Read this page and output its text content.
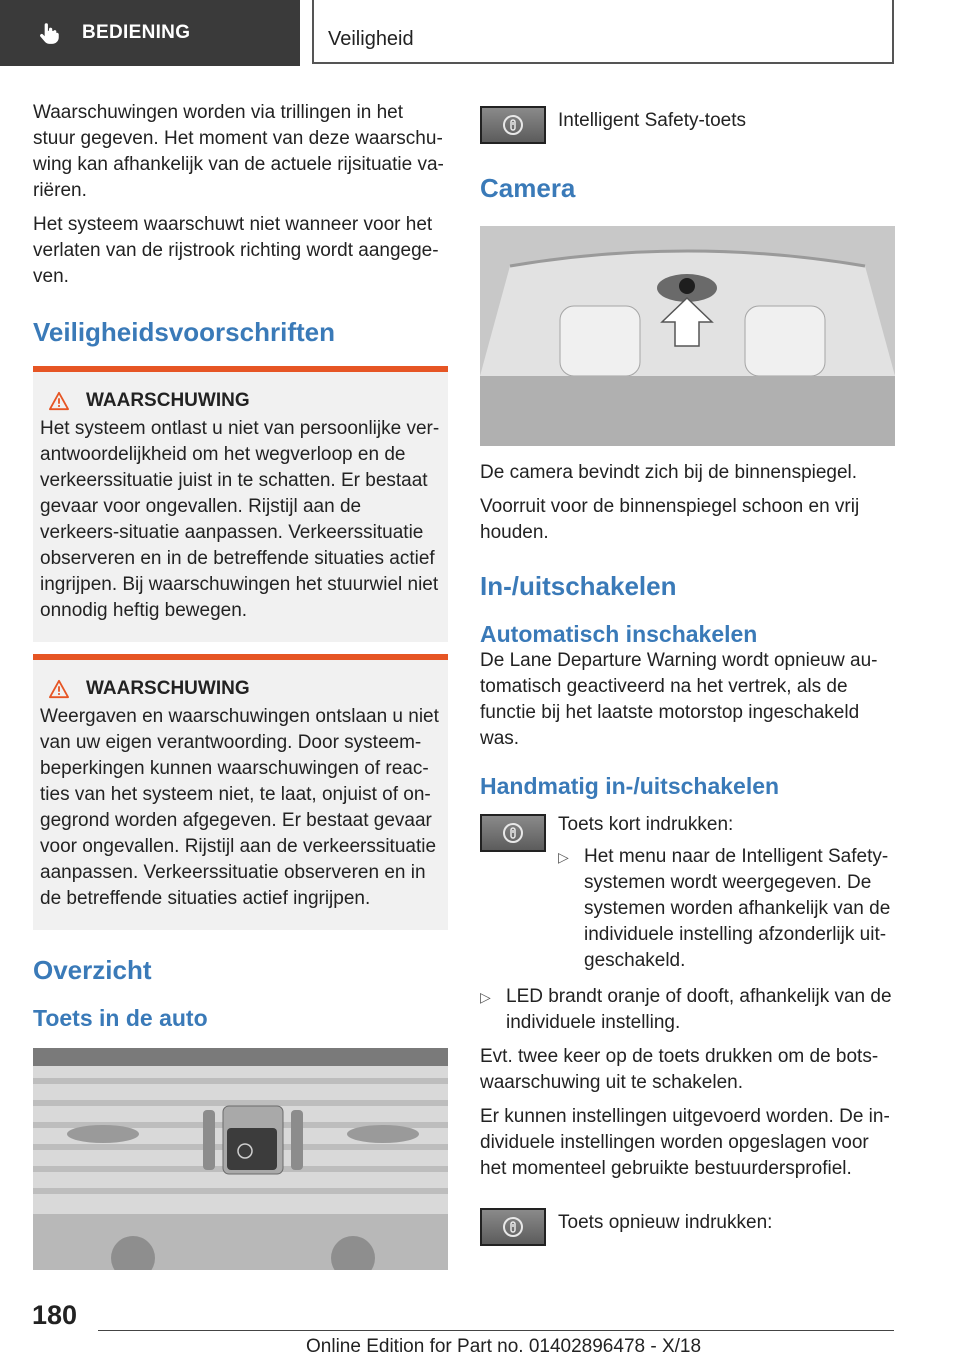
BEDIENING	Veiligheid

Waarschuwingen worden via trillingen in het stuur gegeven. Het moment van deze waarschu-wing kan afhankelijk van de actuele rijsituatie va-riëren.

Het systeem waarschuwt niet wanneer voor het verlaten van de rijstrook richting wordt aangege-ven.

Veiligheidsvoorschriften
WAARSCHUWING

Het systeem ontlast u niet van persoonlijke ver-antwoordelijkheid om het wegverloop en de verkeerssituatie juist in te schatten. Er bestaat gevaar voor ongevallen. Rijstijl aan de verkeers-situatie aanpassen. Verkeerssituatie observeren en in de betreffende situaties actief ingrijpen. Bij waarschuwingen het stuurwiel niet onnodig heftig bewegen.

WAARSCHUWING

Weergaven en waarschuwingen ontslaan u niet van uw eigen verantwoording. Door systeem-beperkingen kunnen waarschuwingen of reac-ties van het systeem niet, te laat, onjuist of on-gegrond worden afgegeven. Er bestaat gevaar voor ongevallen. Rijstijl aan de verkeerssituatie aanpassen. Verkeerssituatie observeren en in de betreffende situaties actief ingrijpen.

Overzicht
Toets in de auto

Intelligent Safety-toets

Camera

De camera bevindt zich bij de binnenspiegel.

Voorruit voor de binnenspiegel schoon en vrij houden.

In-/uitschakelen
Automatisch inschakelen

De Lane Departure Warning wordt opnieuw au-tomatisch geactiveerd na het vertrek, als de functie bij het laatste motorstop ingeschakeld was.

Handmatig in-/uitschakelen

Toets kort indrukken:

▷ Het menu naar de Intelligent Safety-systemen wordt weergegeven. De systemen worden afhankelijk van de individuele instelling afzonderlijk uit-geschakeld.

▷ LED brandt oranje of dooft, afhankelijk van de individuele instelling.

Evt. twee keer op de toets drukken om de bots-waarschuwing uit te schakelen.

Er kunnen instellingen uitgevoerd worden. De in-dividuele instellingen worden opgeslagen voor het momenteel gebruikte bestuurdersprofiel.

Toets opnieuw indrukken:

180
Online Edition for Part no. 01402896478 - X/18
